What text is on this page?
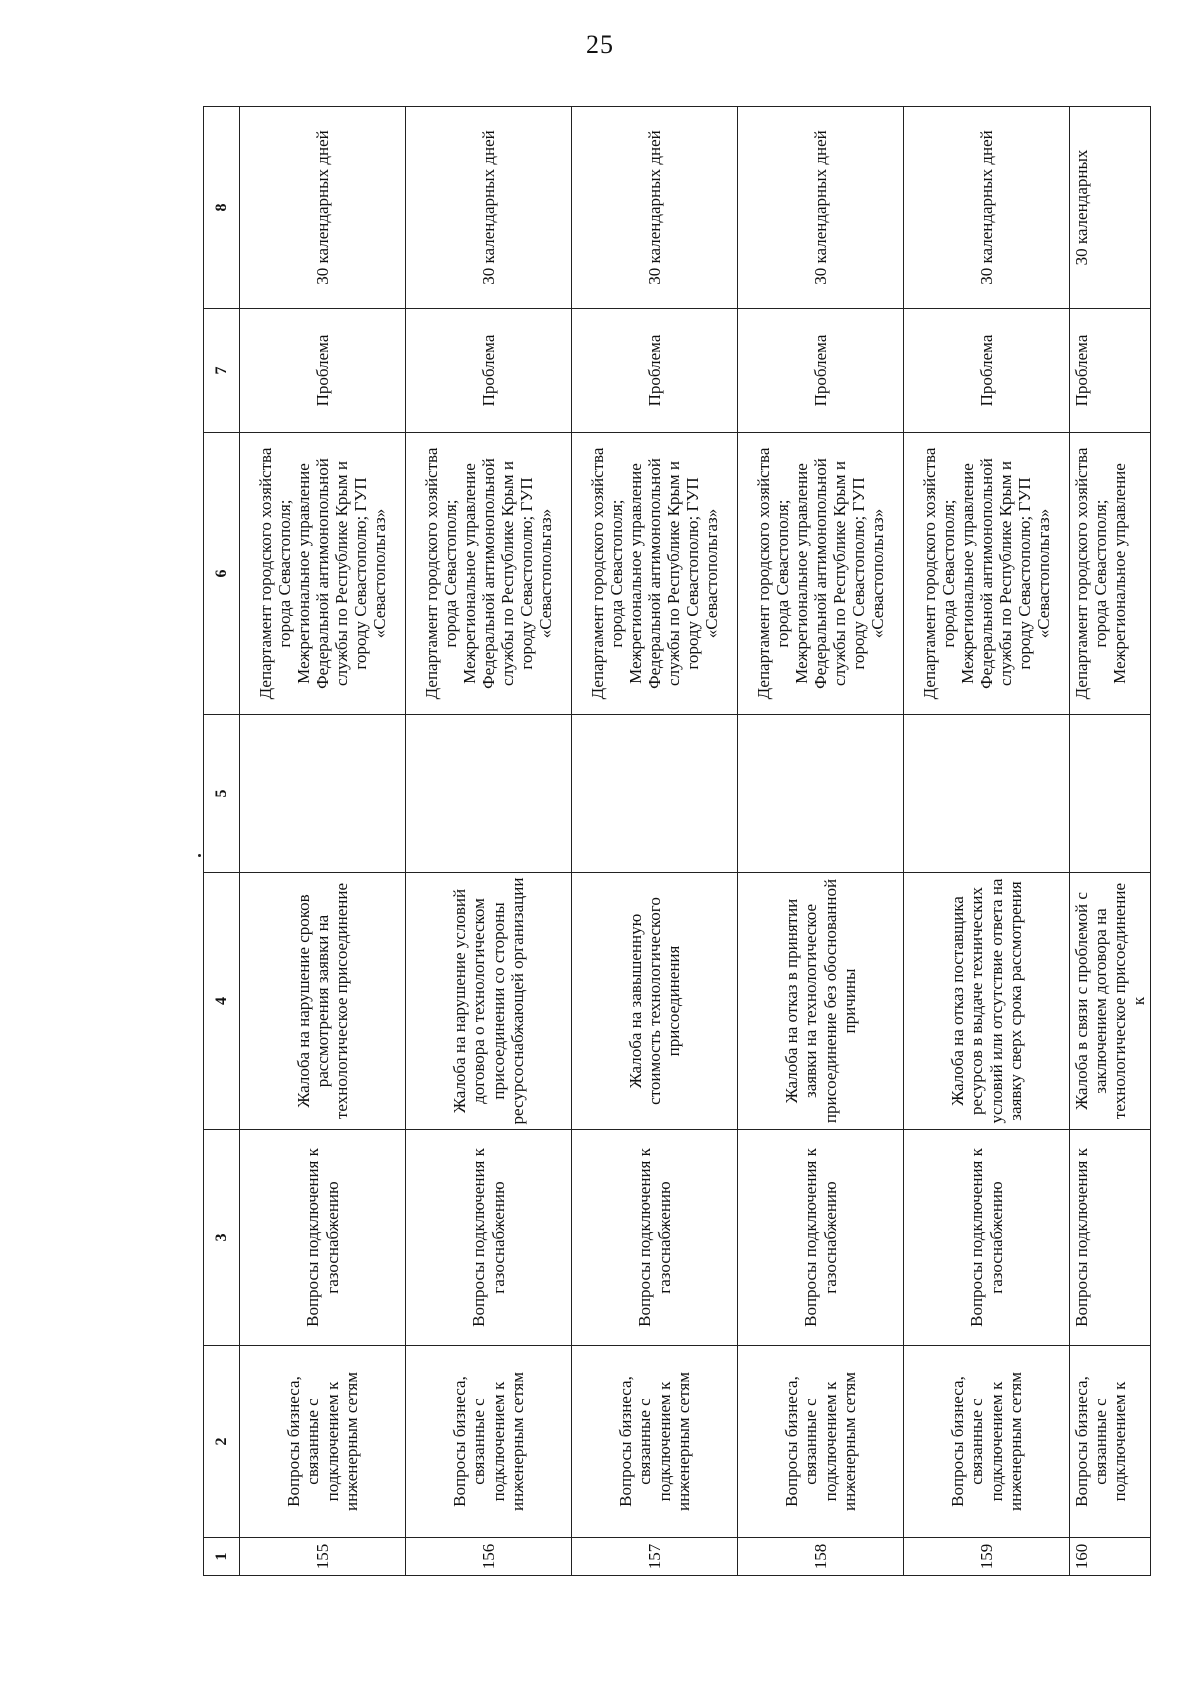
25
1	2	3	4	5	6	7	8
155	Вопросы бизнеса, связанные с подключением к инженерным сетям	Вопросы подключения к газоснабжению	Жалоба на нарушение сроков рассмотрения заявки на технологическое присоединение		Департамент городского хозяйства города Севастополя; Межрегиональное управление Федеральной антимонопольной службы по Республике Крым и городу Севастополю; ГУП «Севастопольгаз»	Проблема	30 календарных дней
156	Вопросы бизнеса, связанные с подключением к инженерным сетям	Вопросы подключения к газоснабжению	Жалоба на нарушение условий договора о технологическом присоединении со стороны ресурсоснабжающей организации		Департамент городского хозяйства города Севастополя; Межрегиональное управление Федеральной антимонопольной службы по Республике Крым и городу Севастополю; ГУП «Севастопольгаз»	Проблема	30 календарных дней
157	Вопросы бизнеса, связанные с подключением к инженерным сетям	Вопросы подключения к газоснабжению	Жалоба на завышенную стоимость технологического присоединения		Департамент городского хозяйства города Севастополя; Межрегиональное управление Федеральной антимонопольной службы по Республике Крым и городу Севастополю; ГУП «Севастопольгаз»	Проблема	30 календарных дней
158	Вопросы бизнеса, связанные с подключением к инженерным сетям	Вопросы подключения к газоснабжению	Жалоба на отказ в принятии заявки на технологическое присоединение без обоснованной причины		Департамент городского хозяйства города Севастополя; Межрегиональное управление Федеральной антимонопольной службы по Республике Крым и городу Севастополю; ГУП «Севастопольгаз»	Проблема	30 календарных дней
159	Вопросы бизнеса, связанные с подключением к инженерным сетям	Вопросы подключения к газоснабжению	Жалоба на отказ поставщика ресурсов в выдаче технических условий или отсутствие ответа на заявку сверх срока рассмотрения		Департамент городского хозяйства города Севастополя; Межрегиональное управление Федеральной антимонопольной службы по Республике Крым и городу Севастополю; ГУП «Севастопольгаз»	Проблема	30 календарных дней
160	Вопросы бизнеса, связанные с подключением к	Вопросы подключения к	Жалоба в связи с проблемой с заключением договора на технологическое присоединение к		Департамент городского хозяйства города Севастополя; Межрегиональное управление	Проблема	30 календарных
